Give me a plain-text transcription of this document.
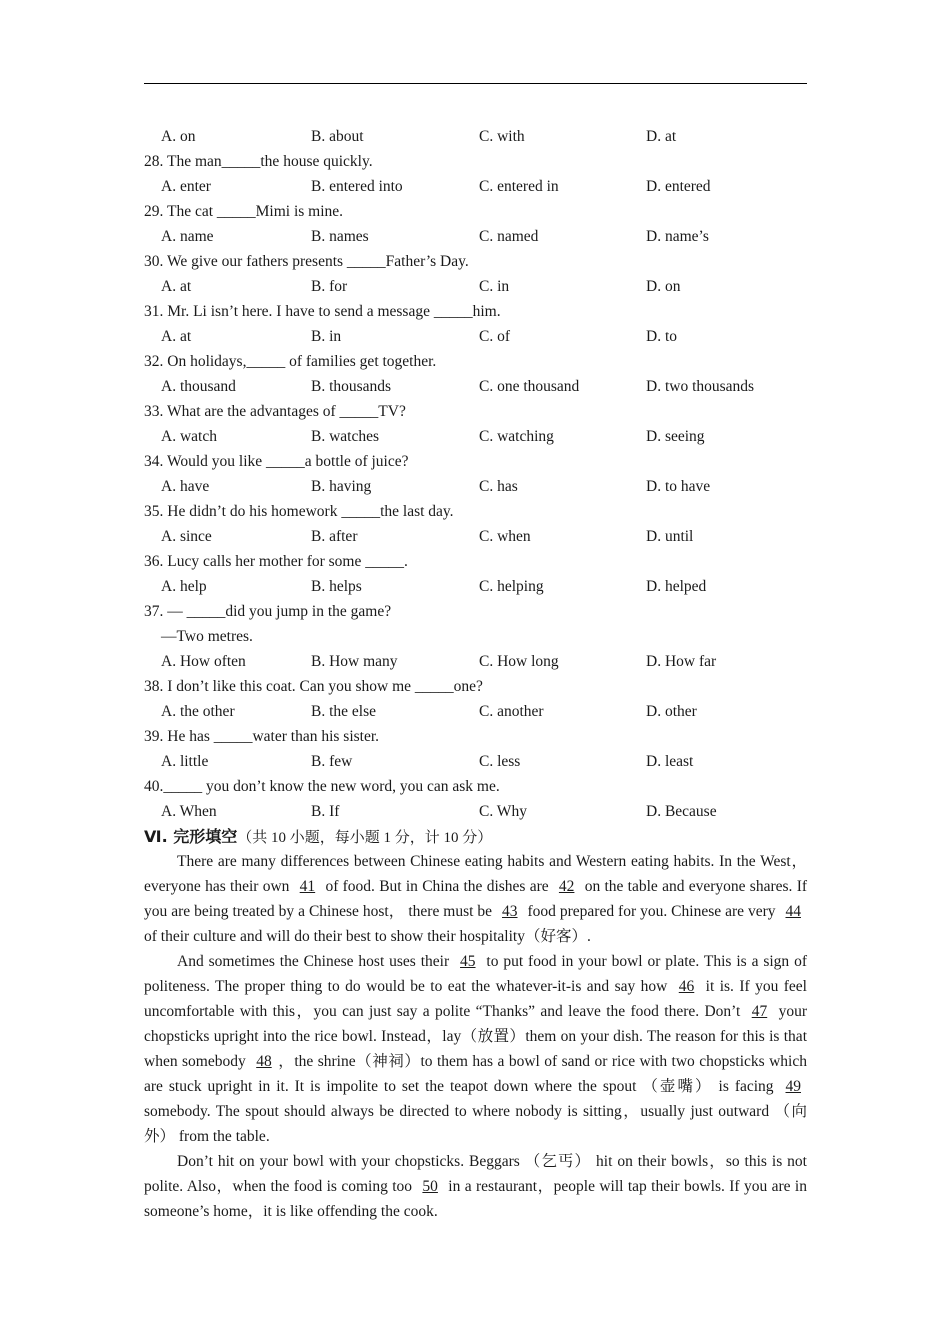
A. on	B. about	C. with	D. at
28. The man_____the house quickly.
A. enter	B. entered into	C. entered in	D. entered
29. The cat _____Mimi is mine.
A. name	B. names	C. named	D. name’s
30. We give our fathers presents _____Father’s Day.
A. at	B. for	C. in	D. on
31. Mr. Li isn’t here. I have to send a message _____him.
A. at	B. in	C. of	D. to
32. On holidays,_____ of families get together.
A. thousand	B. thousands	C. one thousand	D. two thousands
33. What are the advantages of _____TV?
A. watch	B. watches	C. watching	D. seeing
34. Would you like _____a bottle of juice?
A. have	B. having	C. has	D. to have
35. He didn’t do his homework _____the last day.
A. since	B. after	C. when	D. until
36. Lucy calls her mother for some _____.
A. help	B. helps	C. helping	D. helped
37. — _____did you jump in the game?
—Two metres.
A. How often	B. How many	C. How long	D. How far
38. I don’t like this coat. Can you show me _____one?
A. the other	B. the else	C. another	D. other
39. He has _____water than his sister.
A. little	B. few	C. less	D. least
40._____ you don’t know the new word, you can ask me.
A. When	B. If	C. Why	D. Because
Ⅵ. 完形填空（共 10 小题，每小题 1 分，计 10 分）

There are many differences between Chinese eating habits and Western eating habits. In the West， everyone has their own 41 of food. But in China the dishes are 42 on the table and everyone shares. If you are being treated by a Chinese host， there must be 43 food prepared for you. Chinese are very 44 of their culture and will do their best to show their hospitality（好客）.

And sometimes the Chinese host uses their 45 to put food in your bowl or plate. This is a sign of politeness. The proper thing to do would be to eat the whatever-it-is and say how 46 it is. If you feel uncomfortable with this，you can just say a polite “Thanks” and leave the food there. Don’t 47 your chopsticks upright into the rice bowl. Instead，lay（放置）them on your dish. The reason for this is that when somebody 48 ，the shrine（神祠）to them has a bowl of sand or rice with two chopsticks which are stuck upright in it. It is impolite to set the teapot down where the spout （壶嘴） is facing 49 somebody. The spout should always be directed to where nobody is sitting，usually just outward （向外） from the table.

Don’t hit on your bowl with your chopsticks. Beggars （乞丐） hit on their bowls，so this is not polite. Also，when the food is coming too 50 in a restaurant，people will tap their bowls. If you are in someone’s home，it is like offending the cook.
